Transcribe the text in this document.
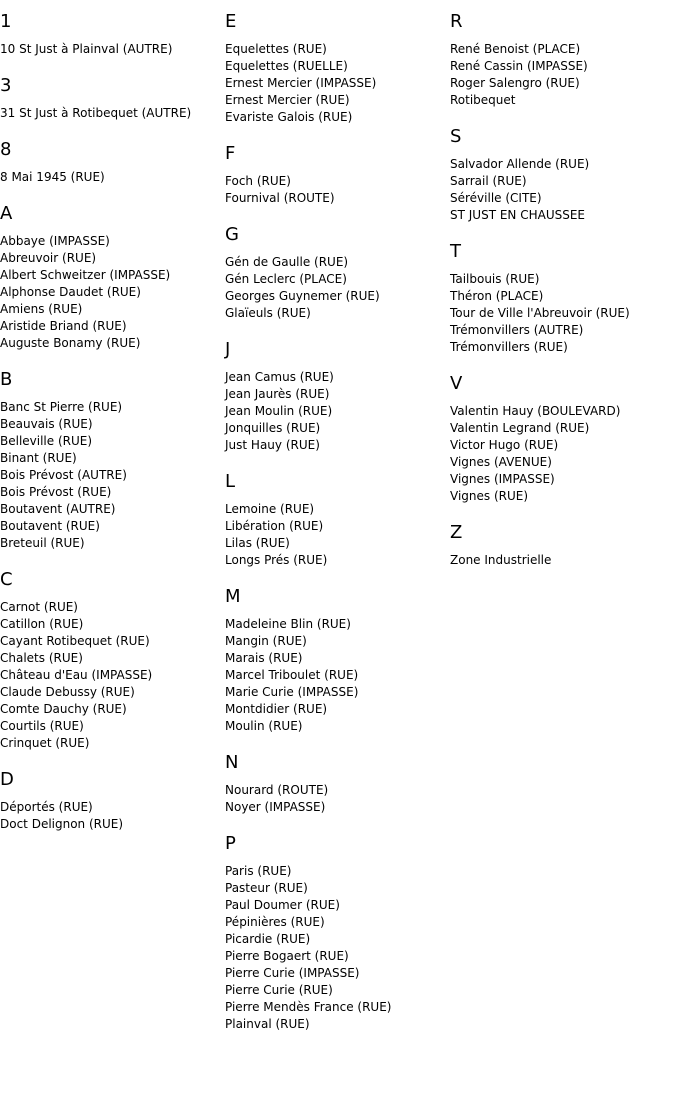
1
10 St Just à Plainval (AUTRE)
3
31 St Just à Rotibequet (AUTRE)
8
8 Mai 1945 (RUE)
A
Abbaye (IMPASSE)
Abreuvoir (RUE)
Albert Schweitzer (IMPASSE)
Alphonse Daudet (RUE)
Amiens (RUE)
Aristide Briand (RUE)
Auguste Bonamy (RUE)
B
Banc St Pierre (RUE)
Beauvais (RUE)
Belleville (RUE)
Binant (RUE)
Bois Prévost (AUTRE)
Bois Prévost (RUE)
Boutavent (AUTRE)
Boutavent (RUE)
Breteuil (RUE)
C
Carnot (RUE)
Catillon (RUE)
Cayant Rotibequet (RUE)
Chalets (RUE)
Château d'Eau (IMPASSE)
Claude Debussy (RUE)
Comte Dauchy (RUE)
Courtils (RUE)
Crinquet (RUE)
D
Déportés (RUE)
Doct Delignon (RUE)
E
Equelettes (RUE)
Equelettes (RUELLE)
Ernest Mercier (IMPASSE)
Ernest Mercier (RUE)
Evariste Galois (RUE)
F
Foch (RUE)
Fournival (ROUTE)
G
Gén de Gaulle (RUE)
Gén Leclerc (PLACE)
Georges Guynemer (RUE)
Glaïeuls (RUE)
J
Jean Camus (RUE)
Jean Jaurès (RUE)
Jean Moulin (RUE)
Jonquilles (RUE)
Just Hauy (RUE)
L
Lemoine (RUE)
Libération (RUE)
Lilas (RUE)
Longs Prés (RUE)
M
Madeleine Blin (RUE)
Mangin (RUE)
Marais (RUE)
Marcel Triboulet (RUE)
Marie Curie (IMPASSE)
Montdidier (RUE)
Moulin (RUE)
N
Nourard (ROUTE)
Noyer (IMPASSE)
P
Paris (RUE)
Pasteur (RUE)
Paul Doumer (RUE)
Pépinières (RUE)
Picardie (RUE)
Pierre Bogaert (RUE)
Pierre Curie (IMPASSE)
Pierre Curie (RUE)
Pierre Mendès France (RUE)
Plainval (RUE)
R
René Benoist (PLACE)
René Cassin (IMPASSE)
Roger Salengro (RUE)
Rotibequet
S
Salvador Allende (RUE)
Sarrail (RUE)
Séréville (CITE)
ST JUST EN CHAUSSEE
T
Tailbouis (RUE)
Théron (PLACE)
Tour de Ville l'Abreuvoir (RUE)
Trémonvillers (AUTRE)
Trémonvillers (RUE)
V
Valentin Hauy (BOULEVARD)
Valentin Legrand (RUE)
Victor Hugo (RUE)
Vignes (AVENUE)
Vignes (IMPASSE)
Vignes (RUE)
Z
Zone Industrielle
